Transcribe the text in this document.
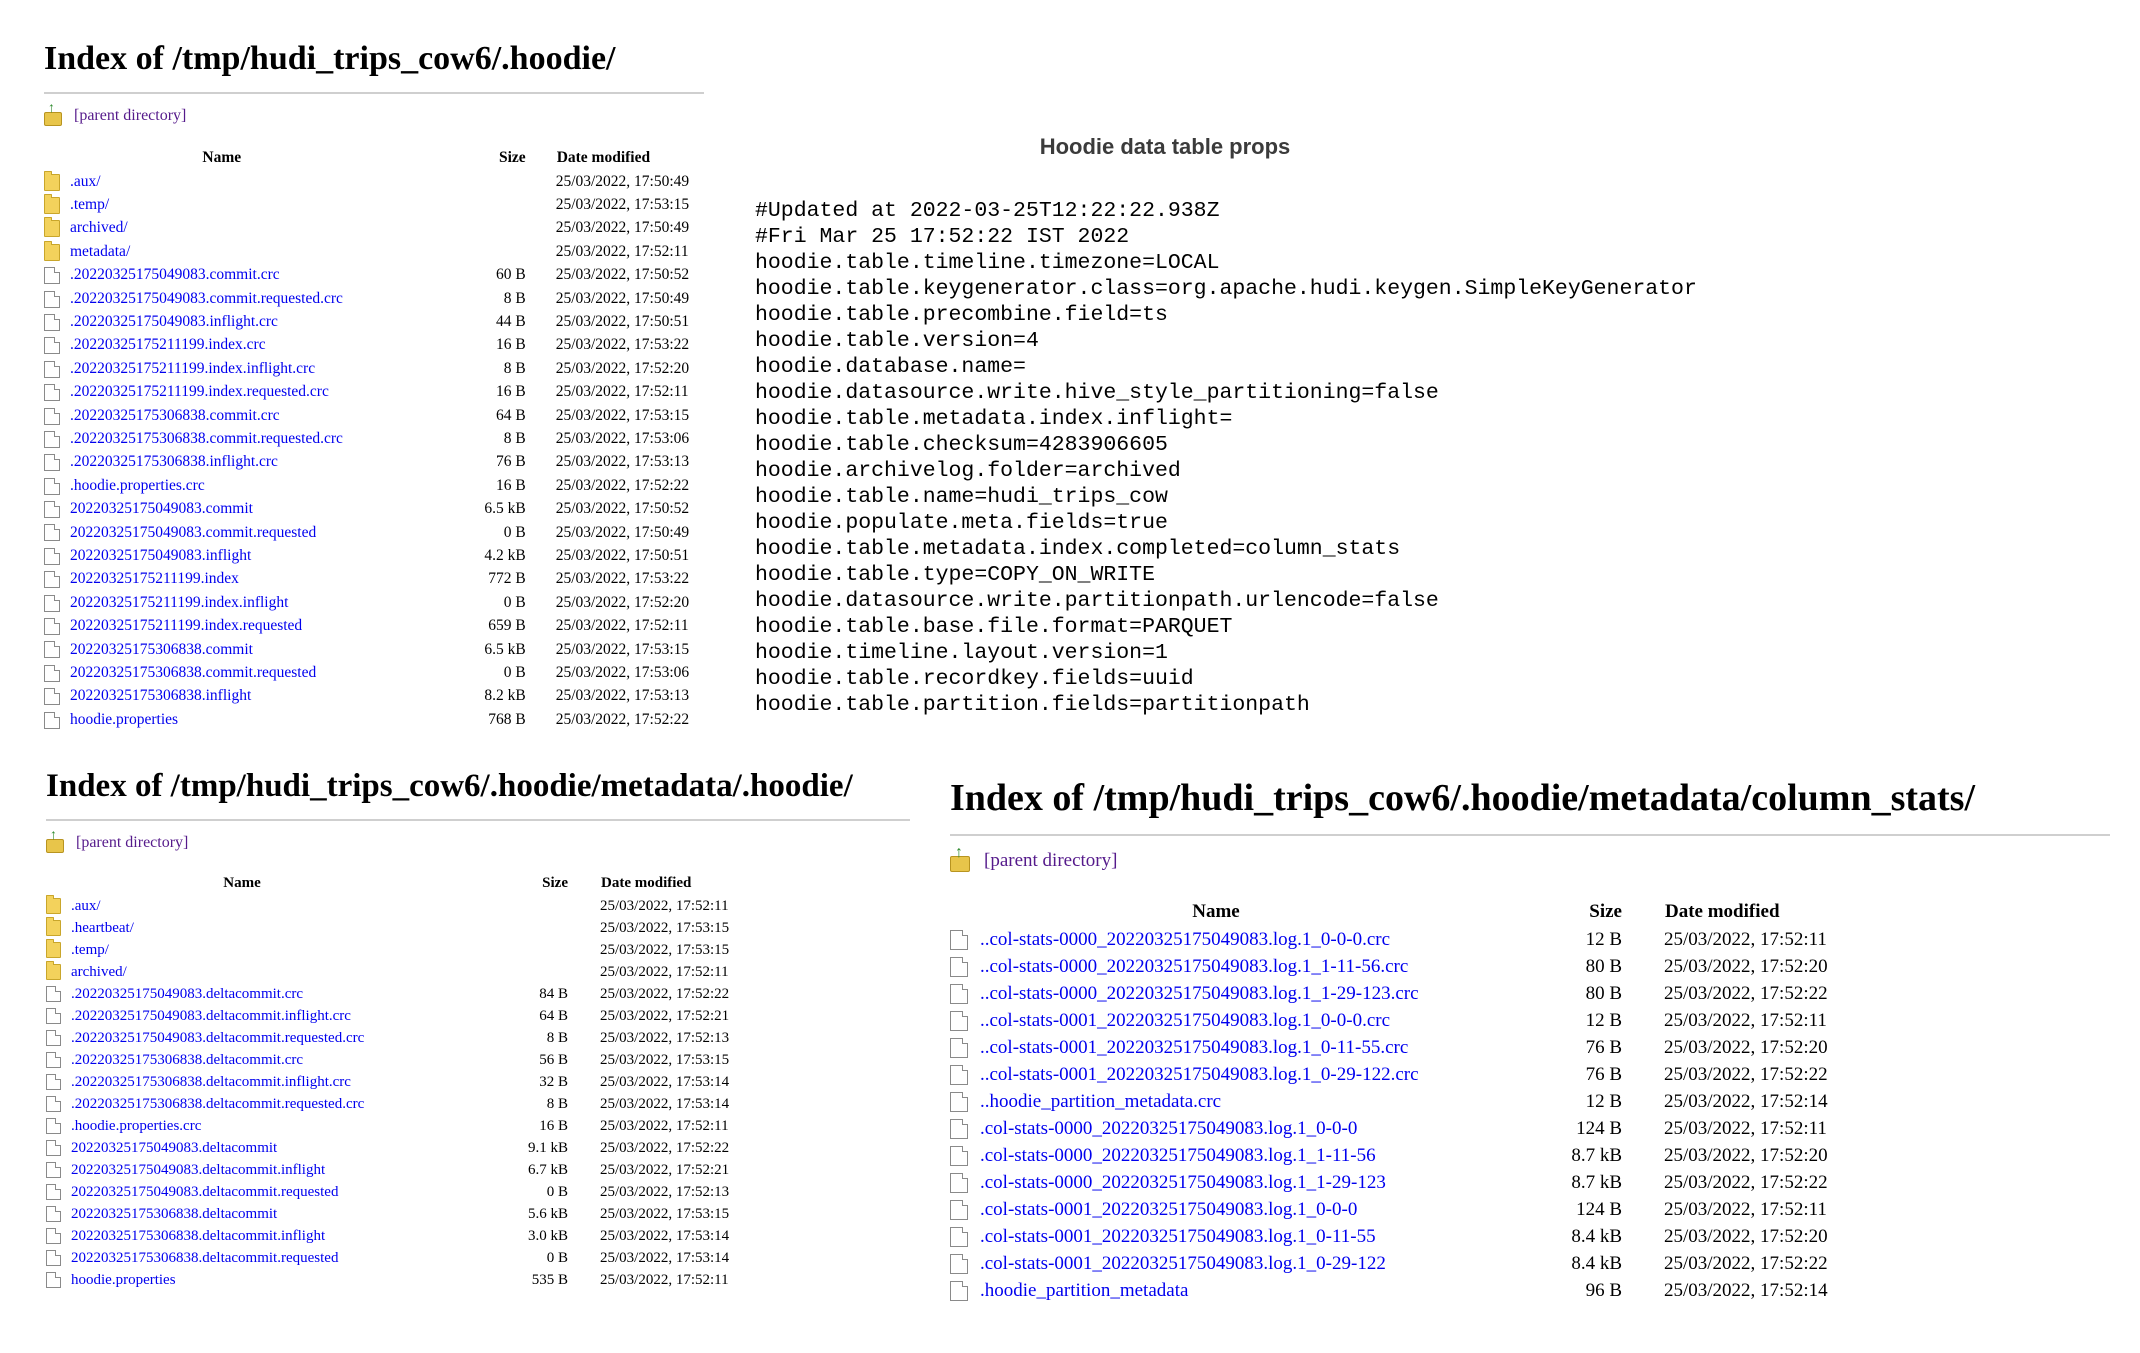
Index of /tmp/hudi_trips_cow6/.hoodie/
↑ [parent directory]
Name	Size	Date modified
.aux/		25/03/2022, 17:50:49
.temp/		25/03/2022, 17:53:15
archived/		25/03/2022, 17:50:49
metadata/		25/03/2022, 17:52:11
.20220325175049083.commit.crc	60 B	25/03/2022, 17:50:52
.20220325175049083.commit.requested.crc	8 B	25/03/2022, 17:50:49
.20220325175049083.inflight.crc	44 B	25/03/2022, 17:50:51
.20220325175211199.index.crc	16 B	25/03/2022, 17:53:22
.20220325175211199.index.inflight.crc	8 B	25/03/2022, 17:52:20
.20220325175211199.index.requested.crc	16 B	25/03/2022, 17:52:11
.20220325175306838.commit.crc	64 B	25/03/2022, 17:53:15
.20220325175306838.commit.requested.crc	8 B	25/03/2022, 17:53:06
.20220325175306838.inflight.crc	76 B	25/03/2022, 17:53:13
.hoodie.properties.crc	16 B	25/03/2022, 17:52:22
20220325175049083.commit	6.5 kB	25/03/2022, 17:50:52
20220325175049083.commit.requested	0 B	25/03/2022, 17:50:49
20220325175049083.inflight	4.2 kB	25/03/2022, 17:50:51
20220325175211199.index	772 B	25/03/2022, 17:53:22
20220325175211199.index.inflight	0 B	25/03/2022, 17:52:20
20220325175211199.index.requested	659 B	25/03/2022, 17:52:11
20220325175306838.commit	6.5 kB	25/03/2022, 17:53:15
20220325175306838.commit.requested	0 B	25/03/2022, 17:53:06
20220325175306838.inflight	8.2 kB	25/03/2022, 17:53:13
hoodie.properties	768 B	25/03/2022, 17:52:22
Hoodie data table props
#Updated at 2022-03-25T12:22:22.938Z
#Fri Mar 25 17:52:22 IST 2022
hoodie.table.timeline.timezone=LOCAL
hoodie.table.keygenerator.class=org.apache.hudi.keygen.SimpleKeyGenerator
hoodie.table.precombine.field=ts
hoodie.table.version=4
hoodie.database.name=
hoodie.datasource.write.hive_style_partitioning=false
hoodie.table.metadata.index.inflight=
hoodie.table.checksum=4283906605
hoodie.archivelog.folder=archived
hoodie.table.name=hudi_trips_cow
hoodie.populate.meta.fields=true
hoodie.table.metadata.index.completed=column_stats
hoodie.table.type=COPY_ON_WRITE
hoodie.datasource.write.partitionpath.urlencode=false
hoodie.table.base.file.format=PARQUET
hoodie.timeline.layout.version=1
hoodie.table.recordkey.fields=uuid
hoodie.table.partition.fields=partitionpath
Index of /tmp/hudi_trips_cow6/.hoodie/metadata/.hoodie/
↑ [parent directory]
Name	Size	Date modified
.aux/		25/03/2022, 17:52:11
.heartbeat/		25/03/2022, 17:53:15
.temp/		25/03/2022, 17:53:15
archived/		25/03/2022, 17:52:11
.20220325175049083.deltacommit.crc	84 B	25/03/2022, 17:52:22
.20220325175049083.deltacommit.inflight.crc	64 B	25/03/2022, 17:52:21
.20220325175049083.deltacommit.requested.crc	8 B	25/03/2022, 17:52:13
.20220325175306838.deltacommit.crc	56 B	25/03/2022, 17:53:15
.20220325175306838.deltacommit.inflight.crc	32 B	25/03/2022, 17:53:14
.20220325175306838.deltacommit.requested.crc	8 B	25/03/2022, 17:53:14
.hoodie.properties.crc	16 B	25/03/2022, 17:52:11
20220325175049083.deltacommit	9.1 kB	25/03/2022, 17:52:22
20220325175049083.deltacommit.inflight	6.7 kB	25/03/2022, 17:52:21
20220325175049083.deltacommit.requested	0 B	25/03/2022, 17:52:13
20220325175306838.deltacommit	5.6 kB	25/03/2022, 17:53:15
20220325175306838.deltacommit.inflight	3.0 kB	25/03/2022, 17:53:14
20220325175306838.deltacommit.requested	0 B	25/03/2022, 17:53:14
hoodie.properties	535 B	25/03/2022, 17:52:11
Index of /tmp/hudi_trips_cow6/.hoodie/metadata/column_stats/
↑ [parent directory]
Name	Size	Date modified
..col-stats-0000_20220325175049083.log.1_0-0-0.crc	12 B	25/03/2022, 17:52:11
..col-stats-0000_20220325175049083.log.1_1-11-56.crc	80 B	25/03/2022, 17:52:20
..col-stats-0000_20220325175049083.log.1_1-29-123.crc	80 B	25/03/2022, 17:52:22
..col-stats-0001_20220325175049083.log.1_0-0-0.crc	12 B	25/03/2022, 17:52:11
..col-stats-0001_20220325175049083.log.1_0-11-55.crc	76 B	25/03/2022, 17:52:20
..col-stats-0001_20220325175049083.log.1_0-29-122.crc	76 B	25/03/2022, 17:52:22
..hoodie_partition_metadata.crc	12 B	25/03/2022, 17:52:14
.col-stats-0000_20220325175049083.log.1_0-0-0	124 B	25/03/2022, 17:52:11
.col-stats-0000_20220325175049083.log.1_1-11-56	8.7 kB	25/03/2022, 17:52:20
.col-stats-0000_20220325175049083.log.1_1-29-123	8.7 kB	25/03/2022, 17:52:22
.col-stats-0001_20220325175049083.log.1_0-0-0	124 B	25/03/2022, 17:52:11
.col-stats-0001_20220325175049083.log.1_0-11-55	8.4 kB	25/03/2022, 17:52:20
.col-stats-0001_20220325175049083.log.1_0-29-122	8.4 kB	25/03/2022, 17:52:22
.hoodie_partition_metadata	96 B	25/03/2022, 17:52:14
